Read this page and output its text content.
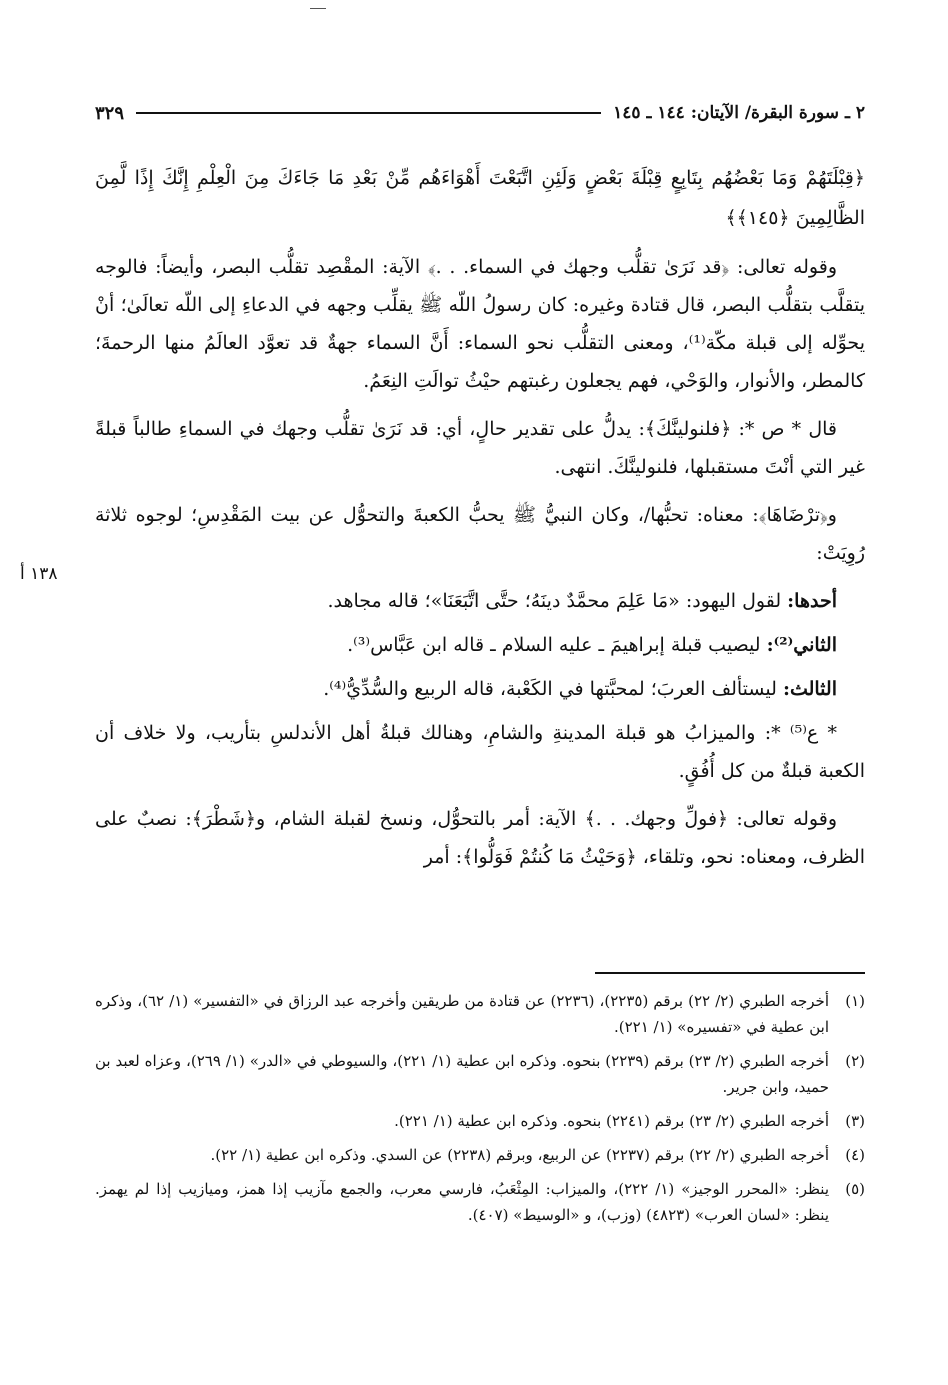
١٣٨ أ
٢ ـ سورة البقرة/ الآيتان: ١٤٤ ـ ١٤٥
٣٢٩

﴿قِبْلَتَهُمْ وَمَا بَعْضُهُم بِتَابِعٍ قِبْلَةَ بَعْضٍ وَلَئِنِ اتَّبَعْتَ أَهْوَاءَهُم مِّنْ بَعْدِ مَا جَاءَكَ مِنَ الْعِلْمِ إِنَّكَ إِذًا لَّمِنَ الظَّالِمِينَ ﴿١٤٥﴾﴾

وقوله تعالى: ﴿قد نَرَىٰ تقلُّب وجهك في السماء. . .﴾ الآية: المقْصِد تقلُّب البصر، وأيضاً: فالوجه يتقلَّب بتقلُّب البصر، قال قتادة وغيره: كان رسولُ اللّه ﷺ يقلِّب وجهه في الدعاءِ إلى اللّه تعالَىٰ؛ أنْ يحوِّله إلى قبلة مكّة⁽¹⁾، ومعنى التقلُّب نحو السماء: أَنَّ السماء جهةٌ قد تعوَّد العالَمُ منها الرحمةَ؛ كالمطر، والأنوار، والوَحْي، فهم يجعلون رغبتهم حيْثُ توالَتِ النِعَمُ.

قال * ص *: ﴿فلنولينَّكَ﴾: يدلُّ على تقدير حالٍ، أي: قد نَرَىٰ تقلُّب وجهك في السماءِ طالباً قبلةً غير التي أنْتَ مستقبلها، فلنولينَّكَ. انتهى.

و﴿ترْضَاهَا﴾: معناه: تحبُّها/، وكان النبيُّ ﷺ يحبُّ الكعبةَ والتحوُّل عن بيت المَقْدِسِ؛ لوجوه ثلاثة رُوِيَتْ:

أحدها: لقول اليهود: «مَا عَلِمَ محمَّدٌ دينَهُ؛ حتَّى اتَّبَعَنَا»؛ قاله مجاهد.

الثاني⁽²⁾: ليصيب قبلة إبراهيمَ ـ عليه السلام ـ قاله ابن عَبَّاس⁽³⁾.

الثالث: ليستألف العربَ؛ لمحبَّتها في الكَعْبة، قاله الربيع والسُّدِّيُّ⁽⁴⁾.

* ع⁽⁵⁾ *: والميزابُ هو قبلة المدينةِ والشامِ، وهنالك قبلةُ أهل الأندلسِ بتأريب، ولا خلاف أن الكعبة قبلةٌ من كل أُفُقٍ.

وقوله تعالى: ﴿فولِّ وجهك. . .﴾ الآية: أمر بالتحوُّل، ونسخ لقبلة الشام، و﴿شَطْرَ﴾: نصبٌ على الظرف، ومعناه: نحو، وتلقاء، ﴿وَحَيْثُ مَا كُنتُمْ فَوَلُّوا﴾: أمر

(١)
أخرجه الطبري (٢/ ٢٢) برقم (٢٢٣٥)، (٢٢٣٦) عن قتادة من طريقين وأخرجه عبد الرزاق في «التفسير» (١/ ٦٢)، وذكره ابن عطية في «تفسيره» (١/ ٢٢١).
(٢)
أخرجه الطبري (٢/ ٢٣) برقم (٢٢٣٩) بنحوه. وذكره ابن عطية (١/ ٢٢١)، والسيوطي في «الدر» (١/ ٢٦٩)، وعزاه لعبد بن حميد، وابن جرير.
(٣)
أخرجه الطبري (٢/ ٢٣) برقم (٢٢٤١) بنحوه. وذكره ابن عطية (١/ ٢٢١).
(٤)
أخرجه الطبري (٢/ ٢٢) برقم (٢٢٣٧) عن الربيع، وبرقم (٢٢٣٨) عن السدي. وذكره ابن عطية (١/ ٢٢).
(٥)
ينظر: «المحرر الوجيز» (١/ ٢٢٢)، والميزاب: المِثْعَبُ، فارسي معرب، والجمع مآزيب إذا همز، وميازيب إذا لم يهمز. ينظر: «لسان العرب» (٤٨٢٣) (وزب)، و «الوسيط» (٤٠٧).
